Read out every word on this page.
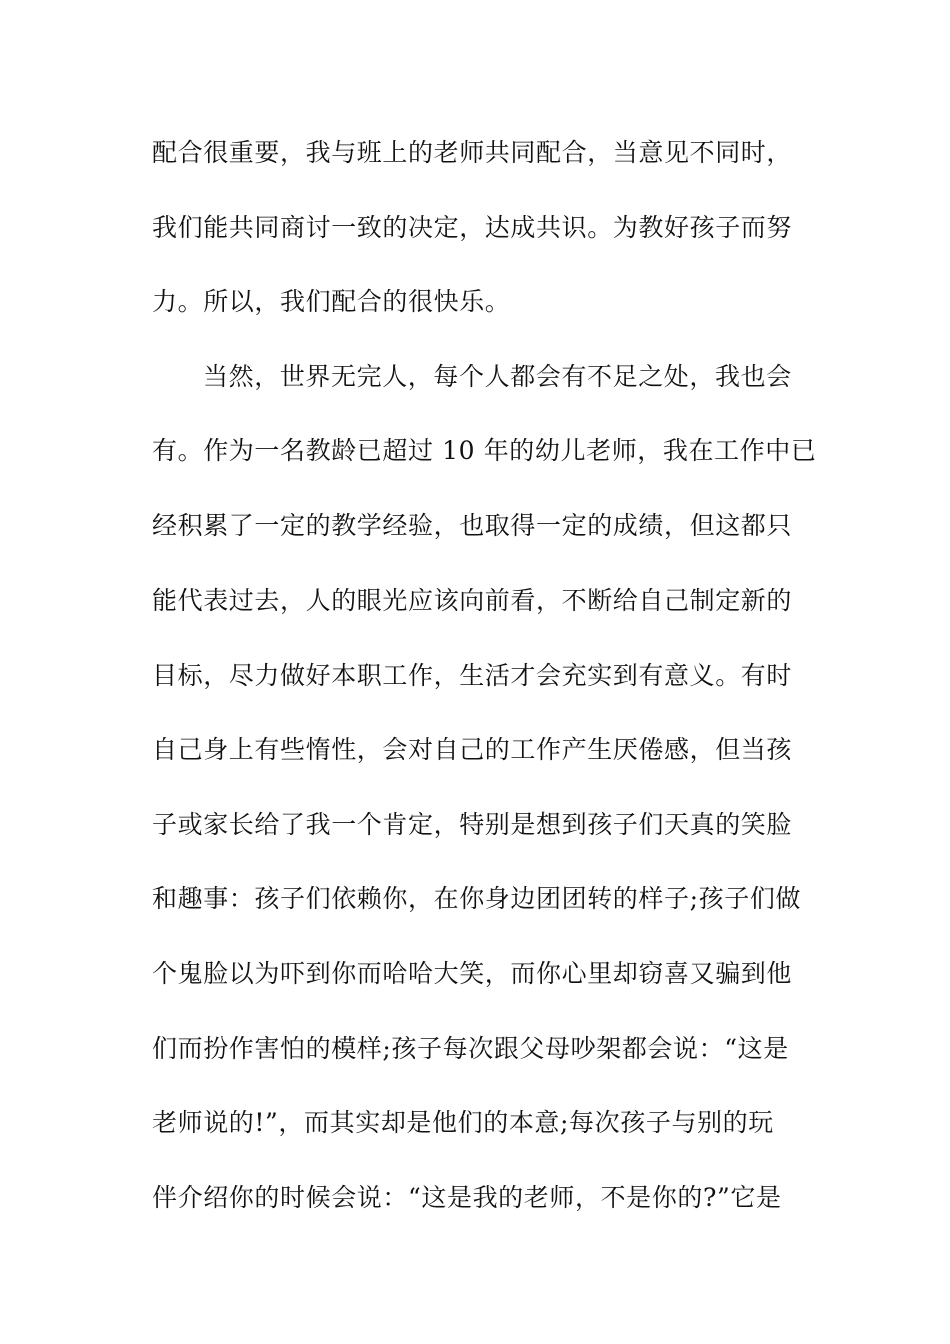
配合很重要，我与班上的老师共同配合，当意见不同时，
我们能共同商讨一致的决定，达成共识。为教好孩子而努
力。所以，我们配合的很快乐。
当然，世界无完人，每个人都会有不足之处，我也会
有。作为一名教龄已超过 10 年的幼儿老师，我在工作中已
经积累了一定的教学经验，也取得一定的成绩，但这都只
能代表过去，人的眼光应该向前看，不断给自己制定新的
目标，尽力做好本职工作，生活才会充实到有意义。有时
自己身上有些惰性，会对自己的工作产生厌倦感，但当孩
子或家长给了我一个肯定，特别是想到孩子们天真的笑脸
和趣事：孩子们依赖你，在你身边团团转的样子;孩子们做
个鬼脸以为吓到你而哈哈大笑，而你心里却窃喜又骗到他
们而扮作害怕的模样;孩子每次跟父母吵架都会说：“这是
老师说的!”，而其实却是他们的本意;每次孩子与别的玩
伴介绍你的时候会说：“这是我的老师，不是你的?”它是
